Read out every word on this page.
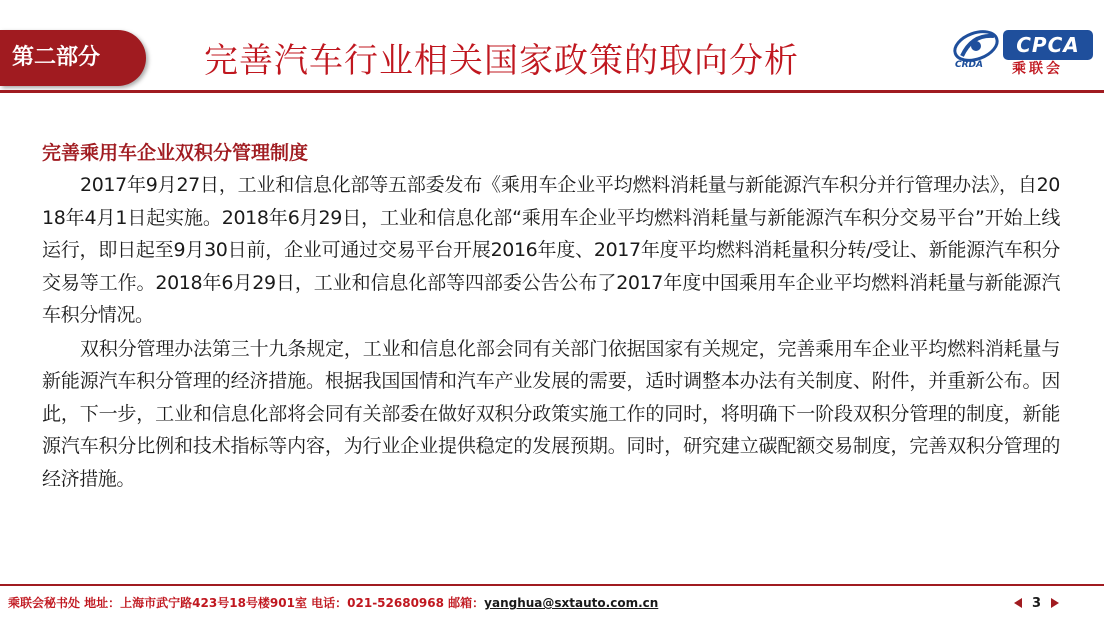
第二部分	完善汽车行业相关国家政策的取向分析	CRDA
CPCA
乘联会

完善乘用车企业双积分管理制度

2017年9月27日，工业和信息化部等五部委发布《乘用车企业平均燃料消耗量与新能源汽车积分并行管理办法》，自2018年4月1日起实施。2018年6月29日，工业和信息化部“乘用车企业平均燃料消耗量与新能源汽车积分交易平台”开始上线运行，即日起至9月30日前，企业可通过交易平台开展2016年度、2017年度平均燃料消耗量积分转/受让、新能源汽车积分交易等工作。2018年6月29日，工业和信息化部等四部委公告公布了2017年度中国乘用车企业平均燃料消耗量与新能源汽车积分情况。

双积分管理办法第三十九条规定，工业和信息化部会同有关部门依据国家有关规定，完善乘用车企业平均燃料消耗量与新能源汽车积分管理的经济措施。根据我国国情和汽车产业发展的需要，适时调整本办法有关制度、附件，并重新公布。因此，下一步，工业和信息化部将会同有关部委在做好双积分政策实施工作的同时，将明确下一阶段双积分管理的制度，新能源汽车积分比例和技术指标等内容，为行业企业提供稳定的发展预期。同时，研究建立碳配额交易制度，完善双积分管理的经济措施。

乘联会秘书处 地址：上海市武宁路423号18号楼901室 电话：021-52680968 邮箱：yanghua@sxtauto.com.cn	3
